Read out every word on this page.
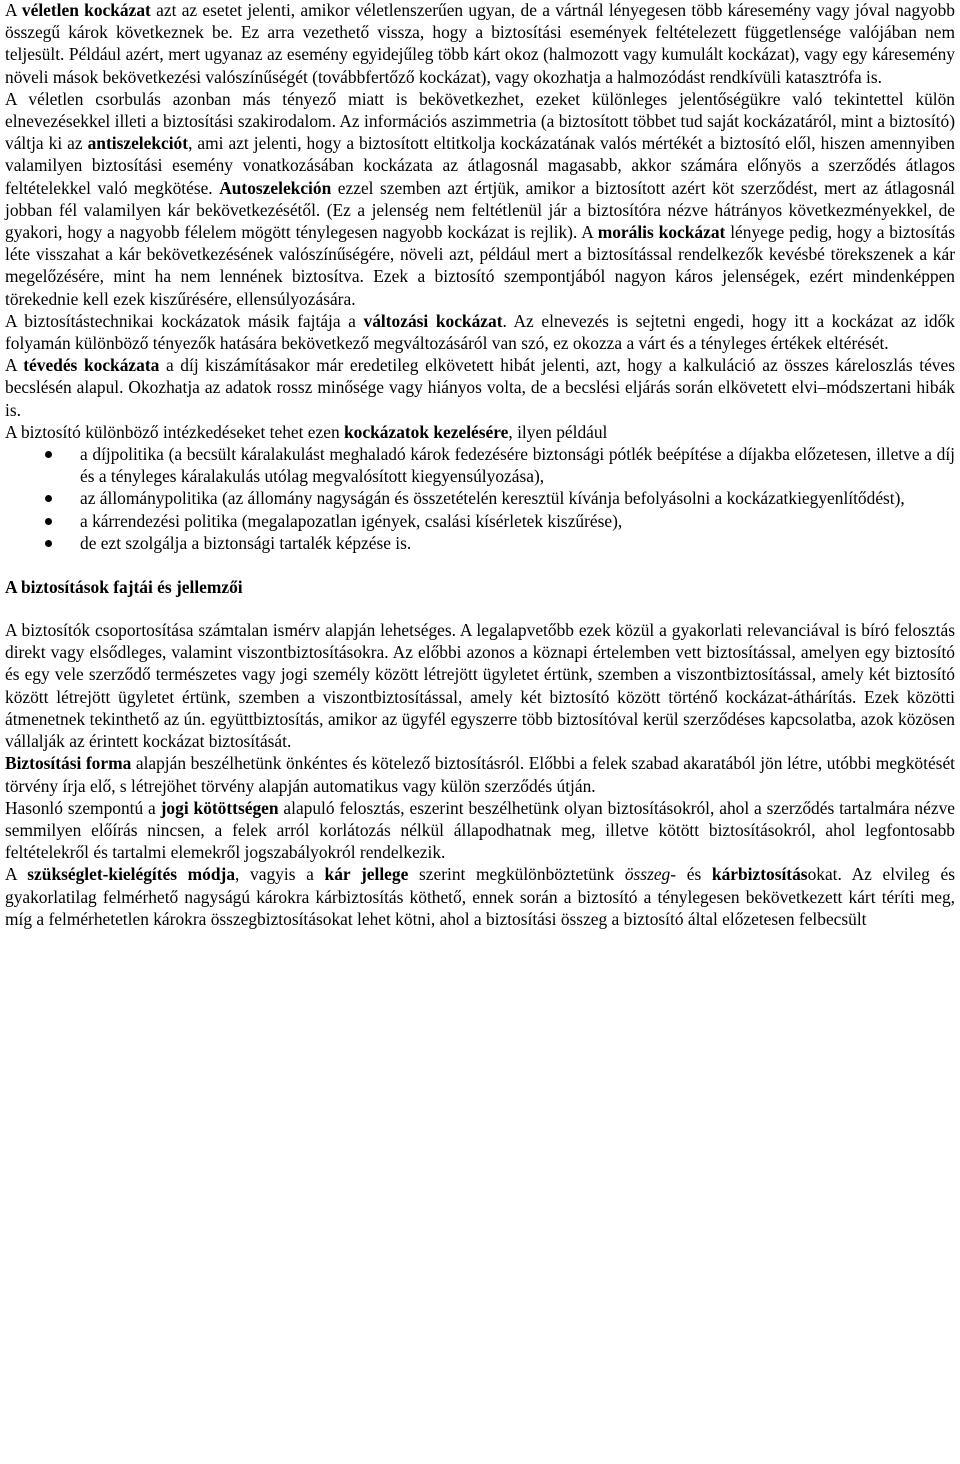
A véletlen kockázat azt az esetet jelenti, amikor véletlenszerűen ugyan, de a vártnál lényegesen több káresemény vagy jóval nagyobb összegű károk következnek be. Ez arra vezethető vissza, hogy a biztosítási események feltételezett függetlensége valójában nem teljesült. Például azért, mert ugyanaz az esemény egyidejűleg több kárt okoz (halmozott vagy kumulált kockázat), vagy egy káresemény növeli mások bekövetkezési valószínűségét (továbbfertőző kockázat), vagy okozhatja a halmozódást rendkívüli katasztrófa is.

A véletlen csorbulás azonban más tényező miatt is bekövetkezhet, ezeket különleges jelentőségükre való tekintettel külön elnevezésekkel illeti a biztosítási szakirodalom. Az információs aszimmetria (a biztosított többet tud saját kockázatáról, mint a biztosító) váltja ki az antiszelekciót, ami azt jelenti, hogy a biztosított eltitkolja kockázatának valós mértékét a biztosító elől, hiszen amennyiben valamilyen biztosítási esemény vonatkozásában kockázata az átlagosnál magasabb, akkor számára előnyös a szerződés átlagos feltételekkel való megkötése. Autoszelekción ezzel szemben azt értjük, amikor a biztosított azért köt szerződést, mert az átlagosnál jobban fél valamilyen kár bekövetkezésétől. (Ez a jelenség nem feltétlenül jár a biztosítóra nézve hátrányos következményekkel, de gyakori, hogy a nagyobb félelem mögött ténylegesen nagyobb kockázat is rejlik). A morális kockázat lényege pedig, hogy a biztosítás léte visszahat a kár bekövetkezésének valószínűségére, növeli azt, például mert a biztosítással rendelkezők kevésbé törekszenek a kár megelőzésére, mint ha nem lennének biztosítva. Ezek a biztosító szempontjából nagyon káros jelenségek, ezért mindenképpen törekednie kell ezek kiszűrésére, ellensúlyozására.

A biztosítástechnikai kockázatok másik fajtája a változási kockázat. Az elnevezés is sejtetni engedi, hogy itt a kockázat az idők folyamán különböző tényezők hatására bekövetkező megváltozásáról van szó, ez okozza a várt és a tényleges értékek eltérését.

A tévedés kockázata a díj kiszámításakor már eredetileg elkövetett hibát jelenti, azt, hogy a kalkuláció az összes káreloszlás téves becslésén alapul. Okozhatja az adatok rossz minősége vagy hiányos volta, de a becslési eljárás során elkövetett elvi–módszertani hibák is.

A biztosító különböző intézkedéseket tehet ezen kockázatok kezelésére, ilyen például

a díjpolitika (a becsült káralakulást meghaladó károk fedezésére biztonsági pótlék beépítése a díjakba előzetesen, illetve a díj és a tényleges káralakulás utólag megvalósított kiegyensúlyozása),
az állománypolitika (az állomány nagyságán és összetételén keresztül kívánja befolyásolni a kockázatkiegyenlítődést),
a kárrendezési politika (megalapozatlan igények, csalási kísérletek kiszűrése),
de ezt szolgálja a biztonsági tartalék képzése is.
A biztosítások fajtái és jellemzői

A biztosítók csoportosítása számtalan ismérv alapján lehetséges. A legalapvetőbb ezek közül a gyakorlati relevanciával is bíró felosztás direkt vagy elsődleges, valamint viszontbiztosításokra. Az előbbi azonos a köznapi értelemben vett biztosítással, amelyen egy biztosító és egy vele szerződő természetes vagy jogi személy között létrejött ügyletet értünk, szemben a viszontbiztosítással, amely két biztosító között létrejött ügyletet értünk, szemben a viszontbiztosítással, amely két biztosító között történő kockázat-áthárítás. Ezek közötti átmenetnek tekinthető az ún. együttbiztosítás, amikor az ügyfél egyszerre több biztosítóval kerül szerződéses kapcsolatba, azok közösen vállalják az érintett kockázat biztosítását.

Biztosítási forma alapján beszélhetünk önkéntes és kötelező biztosításról. Előbbi a felek szabad akaratából jön létre, utóbbi megkötését törvény írja elő, s létrejöhet törvény alapján automatikus vagy külön szerződés útján.

Hasonló szempontú a jogi kötöttségen alapuló felosztás, eszerint beszélhetünk olyan biztosításokról, ahol a szerződés tartalmára nézve semmilyen előírás nincsen, a felek arról korlátozás nélkül állapodhatnak meg, illetve kötött biztosításokról, ahol legfontosabb feltételekről és tartalmi elemekről jogszabályokról rendelkezik.

A szükséglet-kielégítés módja, vagyis a kár jellege szerint megkülönböztetünk összeg- és kárbiztosításokat. Az elvileg és gyakorlatilag felmérhető nagyságú károkra kárbiztosítás köthető, ennek során a biztosító a ténylegesen bekövetkezett kárt téríti meg, míg a felmérhetetlen károkra összegbiztosításokat lehet kötni, ahol a biztosítási összeg a biztosító által előzetesen felbecsült
